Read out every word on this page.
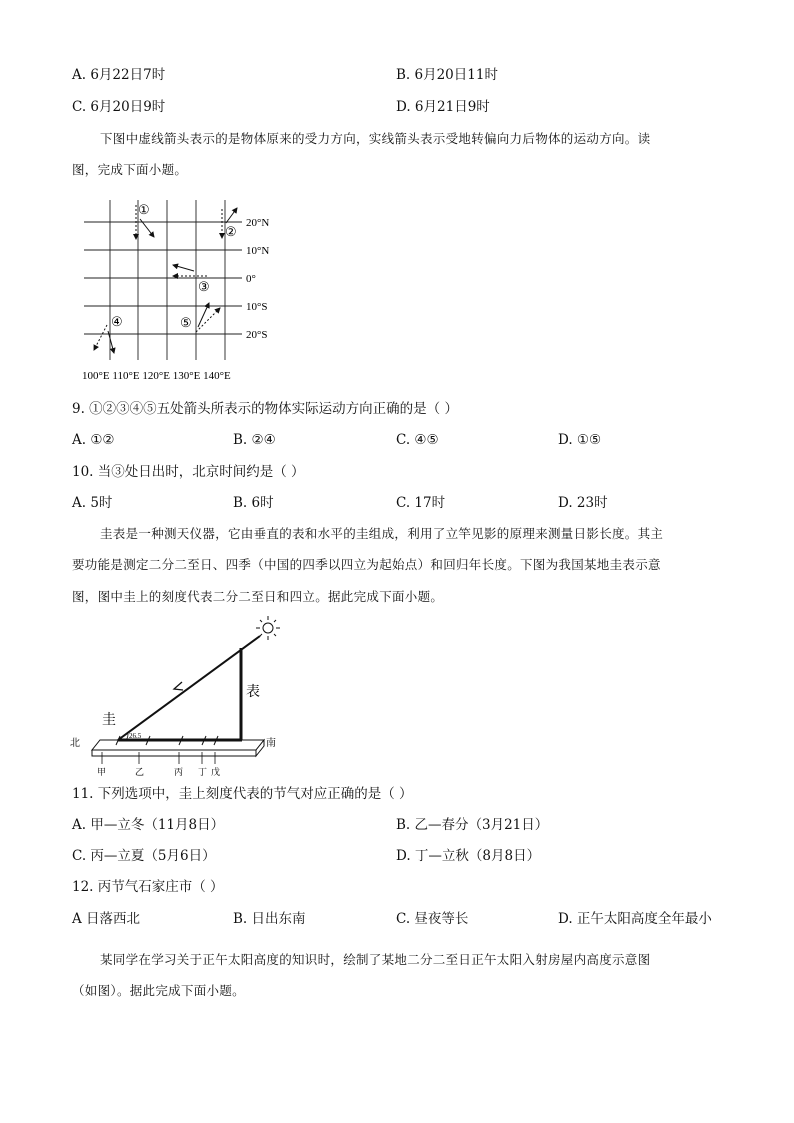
A. 6月22日7时	B. 6月20日11时
C. 6月20日9时	D. 6月21日9时
下图中虚线箭头表示的是物体原来的受力方向，实线箭头表示受地转偏向力后物体的运动方向。读
图，完成下面小题。
20°N
10°N
0°
10°S
20°S
100°E 110°E 120°E 130°E 140°E
①
②
③
④	⑤
9. ①②③④⑤五处箭头所表示的物体实际运动方向正确的是（ ）
A. ①②	B. ②④	C. ④⑤	D. ①⑤
10. 当③处日出时，北京时间约是（ ）
A. 5时	B. 6时	C. 17时	D. 23时
圭表是一种测天仪器，它由垂直的表和水平的圭组成，利用了立竿见影的原理来测量日影长度。其主
要功能是测定二分二至日、四季（中国的四季以四立为起始点）和回归年长度。下图为我国某地圭表示意
图，图中圭上的刻度代表二分二至日和四立。据此完成下面小题。
表
圭
26.5
北	南
甲	乙	丙 丁 戊
11. 下列选项中，圭上刻度代表的节气对应正确的是（ ）
A. 甲—立冬（11月8日）	B. 乙—春分（3月21日）
C. 丙—立夏（5月6日）	D. 丁—立秋（8月8日）
12. 丙节气石家庄市（ ）
A 日落西北	B. 日出东南	C. 昼夜等长	D. 正午太阳高度全年最小
某同学在学习关于正午太阳高度的知识时，绘制了某地二分二至日正午太阳入射房屋内高度示意图
（如图）。据此完成下面小题。
